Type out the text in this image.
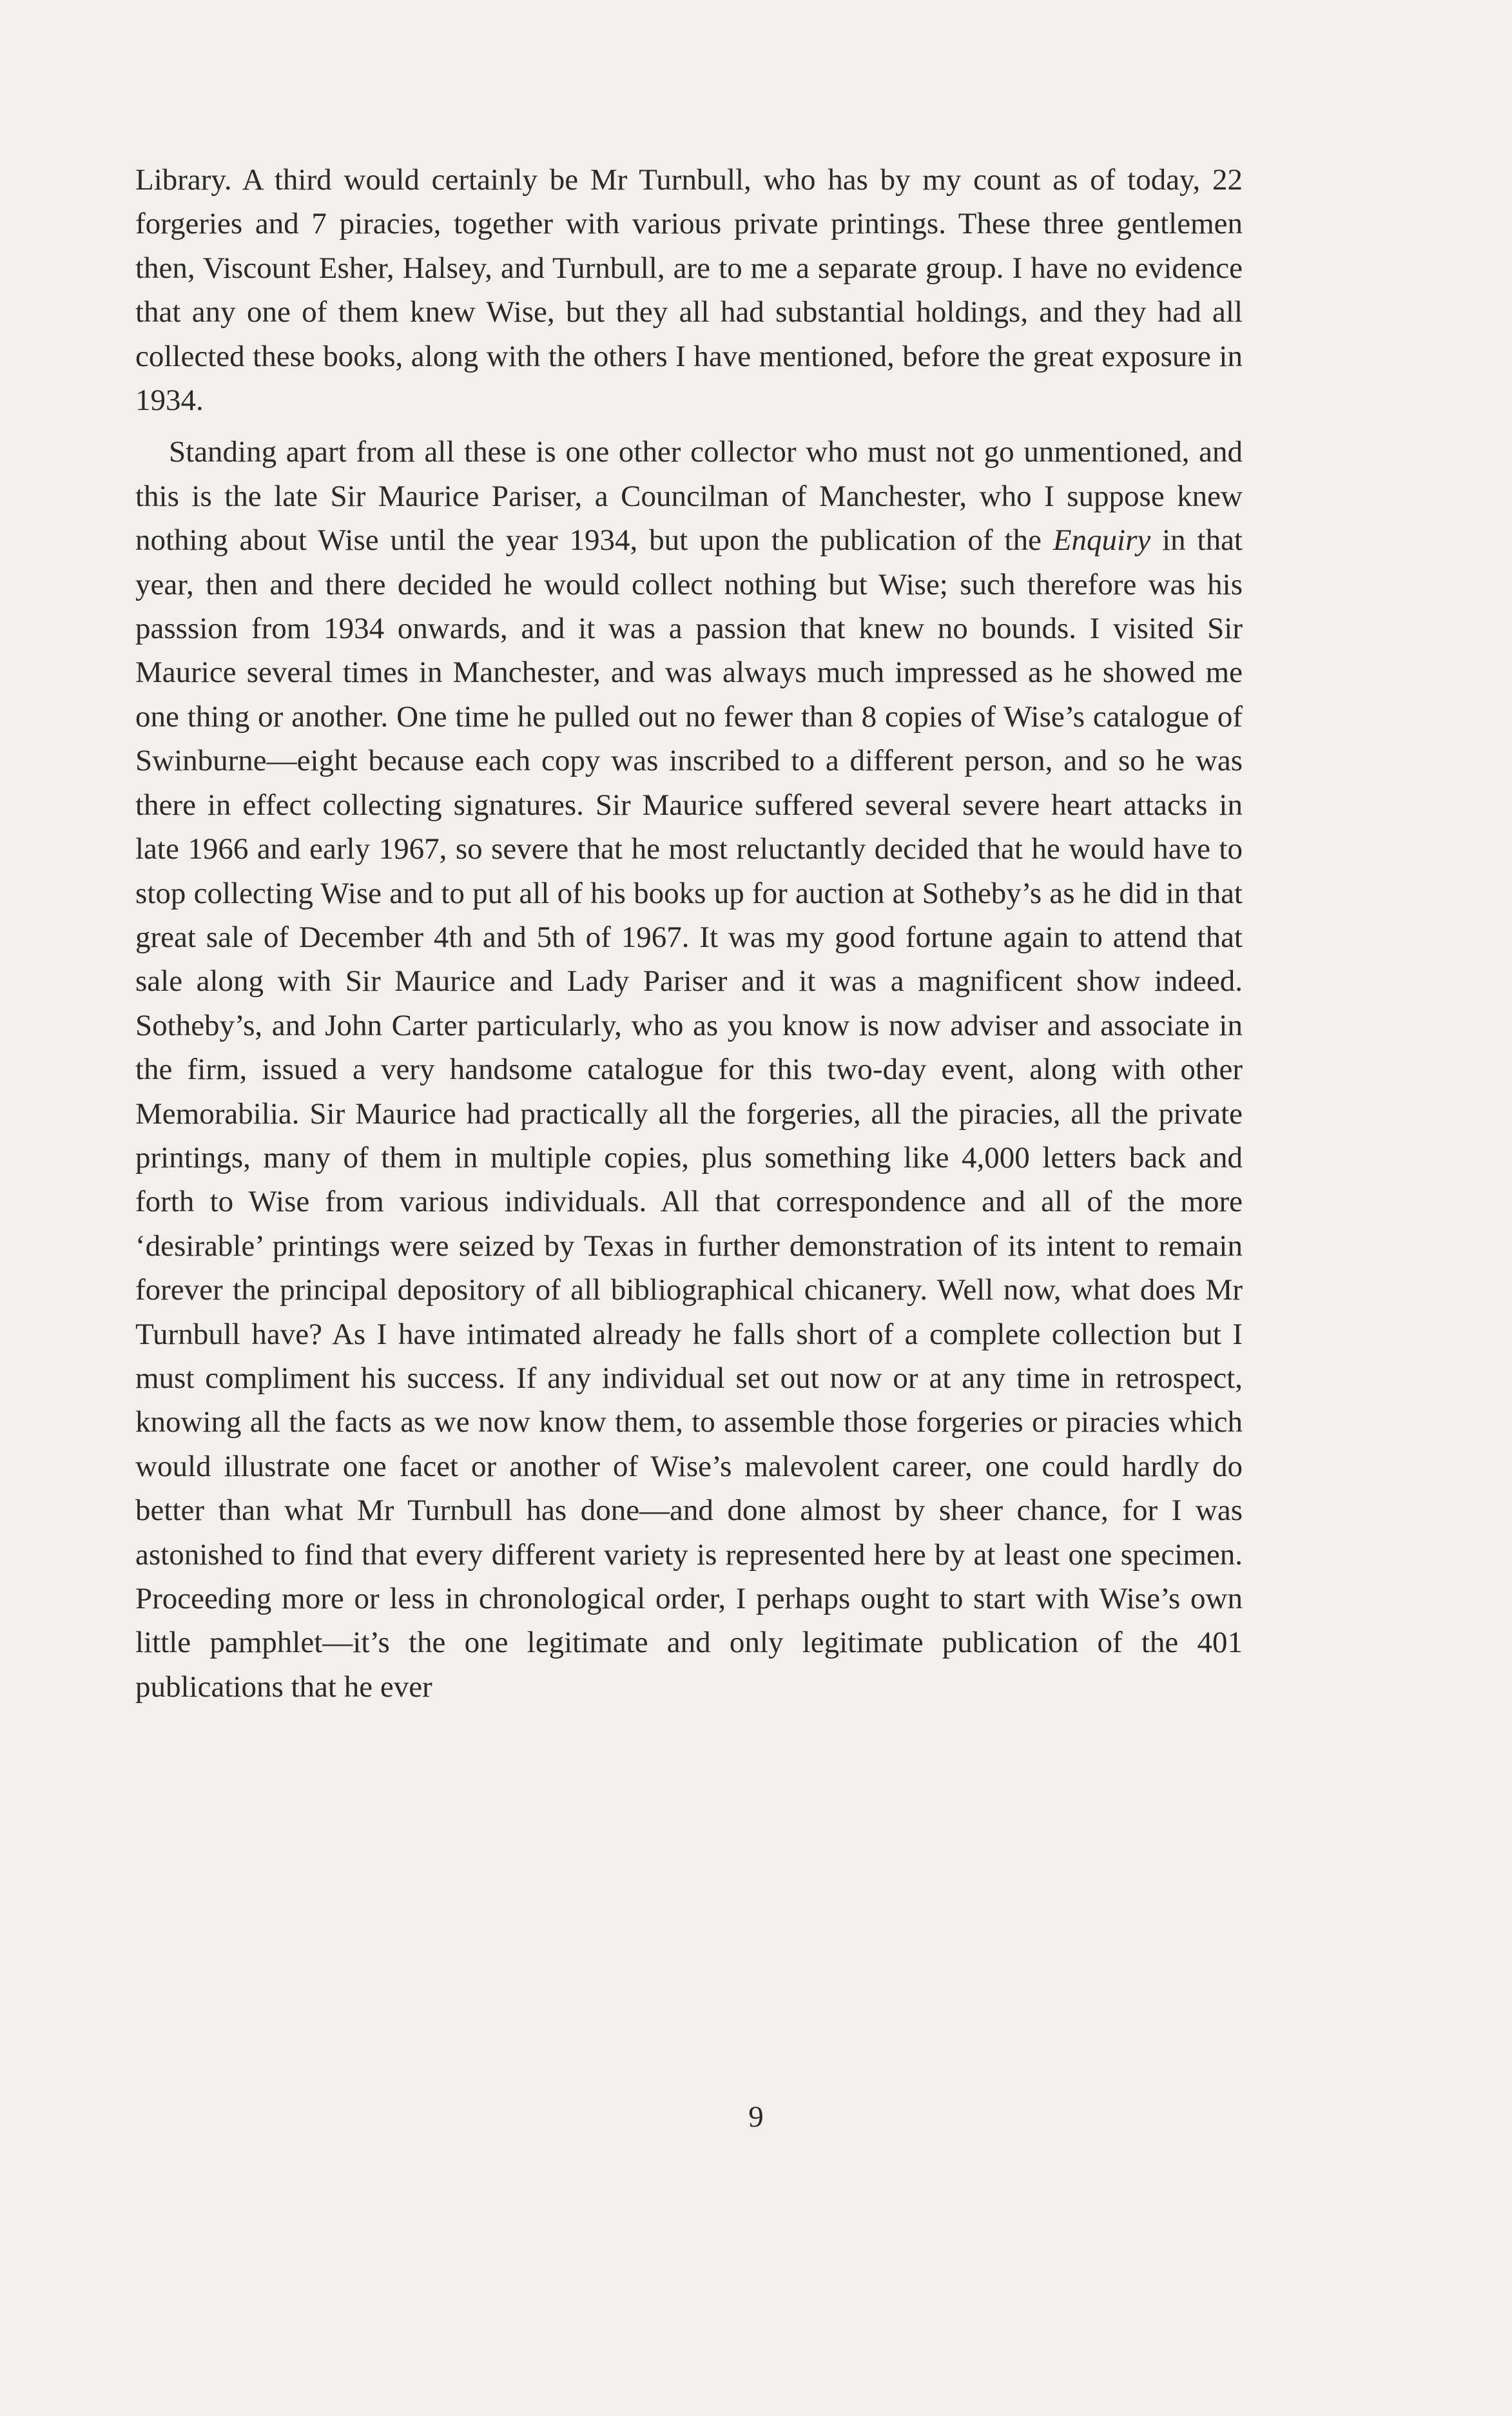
Library. A third would certainly be Mr Turnbull, who has by my count as of today, 22 forgeries and 7 piracies, together with various private printings. These three gentlemen then, Viscount Esher, Halsey, and Turnbull, are to me a separate group. I have no evidence that any one of them knew Wise, but they all had substantial holdings, and they had all collected these books, along with the others I have mentioned, before the great exposure in 1934.

Standing apart from all these is one other collector who must not go unmentioned, and this is the late Sir Maurice Pariser, a Councilman of Manchester, who I suppose knew nothing about Wise until the year 1934, but upon the publication of the Enquiry in that year, then and there decided he would collect nothing but Wise; such therefore was his passsion from 1934 onwards, and it was a passion that knew no bounds. I visited Sir Maurice several times in Manchester, and was always much impressed as he showed me one thing or another. One time he pulled out no fewer than 8 copies of Wise’s catalogue of Swinburne—eight because each copy was inscribed to a different person, and so he was there in effect collecting signatures. Sir Maurice suffered several severe heart attacks in late 1966 and early 1967, so severe that he most reluctantly decided that he would have to stop collecting Wise and to put all of his books up for auction at Sotheby’s as he did in that great sale of December 4th and 5th of 1967. It was my good fortune again to attend that sale along with Sir Maurice and Lady Pariser and it was a magnificent show indeed. Sotheby’s, and John Carter particularly, who as you know is now adviser and associate in the firm, issued a very handsome catalogue for this two-day event, along with other Memorabilia. Sir Maurice had practically all the forgeries, all the piracies, all the private printings, many of them in multiple copies, plus something like 4,000 letters back and forth to Wise from various individuals. All that correspondence and all of the more ‘desirable’ printings were seized by Texas in further demonstration of its intent to remain forever the principal depository of all bibliographical chicanery. Well now, what does Mr Turnbull have? As I have intimated already he falls short of a complete collection but I must compliment his success. If any individual set out now or at any time in retrospect, knowing all the facts as we now know them, to assemble those forgeries or piracies which would illustrate one facet or another of Wise’s malevolent career, one could hardly do better than what Mr Turnbull has done—and done almost by sheer chance, for I was astonished to find that every different variety is represented here by at least one specimen. Proceeding more or less in chronological order, I perhaps ought to start with Wise’s own little pamphlet—it’s the one legitimate and only legitimate publication of the 401 publications that he ever

9
